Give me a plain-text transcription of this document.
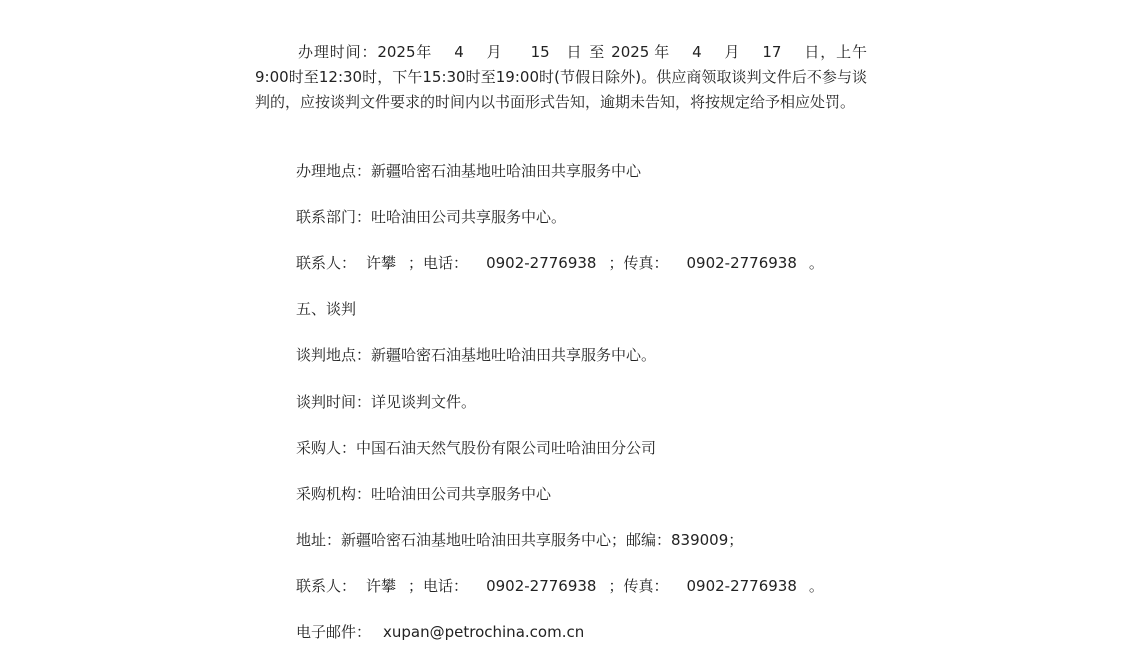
办理时间：2025年 4 月 15 日 至 2025 年 4 月 17 日，上午9:00时至12:30时，下午15:30时至19:00时(节假日除外)。供应商领取谈判文件后不参与谈判的，应按谈判文件要求的时间内以书面形式告知，逾期未告知，将按规定给予相应处罚。
办理地点：新疆哈密石油基地吐哈油田共享服务中心
联系部门：吐哈油田公司共享服务中心。
联系人： 许攀 ；电话： 0902-2776938 ；传真： 0902-2776938 。
五、谈判
谈判地点：新疆哈密石油基地吐哈油田共享服务中心。
谈判时间：详见谈判文件。
采购人：中国石油天然气股份有限公司吐哈油田分公司
采购机构：吐哈油田公司共享服务中心
地址：新疆哈密石油基地吐哈油田共享服务中心；邮编：839009；
联系人： 许攀 ；电话： 0902-2776938 ；传真： 0902-2776938 。
电子邮件： xupan@petrochina.com.cn
